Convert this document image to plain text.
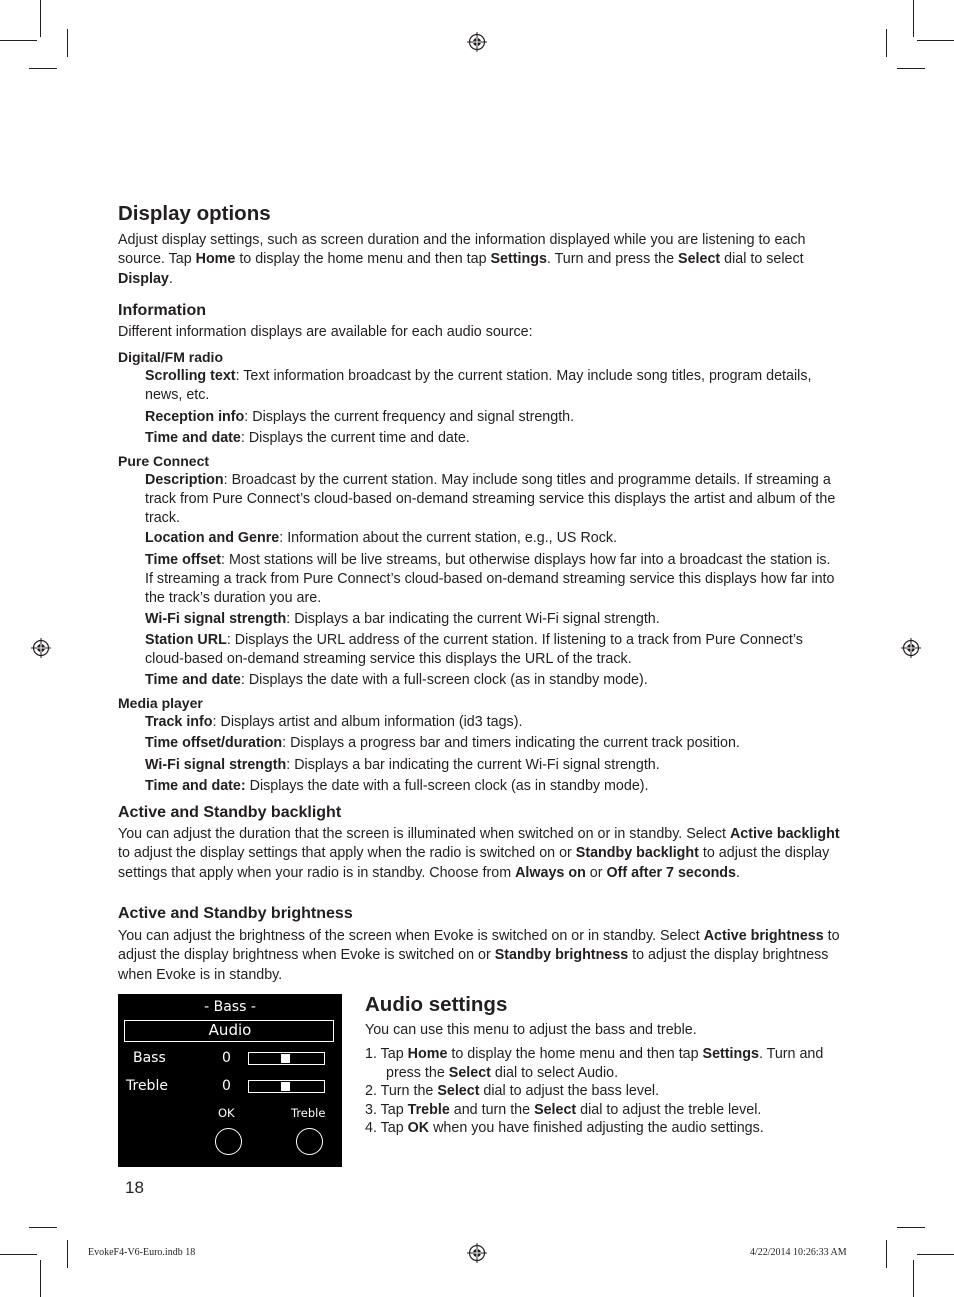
Display options

Adjust display settings, such as screen duration and the information displayed while you are listening to each source. Tap Home to display the home menu and then tap Settings. Turn and press the Select dial to select Display.

Information

Different information displays are available for each audio source:

Digital/FM radio

Scrolling text: Text information broadcast by the current station. May include song titles, program details, news, etc.

Reception info: Displays the current frequency and signal strength.

Time and date: Displays the current time and date.

Pure Connect

Description: Broadcast by the current station. May include song titles and programme details. If streaming a track from Pure Connect’s cloud-based on-demand streaming service this displays the artist and album of the track.

Location and Genre: Information about the current station, e.g., US Rock.

Time offset: Most stations will be live streams, but otherwise displays how far into a broadcast the station is. If streaming a track from Pure Connect’s cloud-based on-demand streaming service this displays how far into the track’s duration you are.

Wi-Fi signal strength: Displays a bar indicating the current Wi-Fi signal strength.

Station URL: Displays the URL address of the current station. If listening to a track from Pure Connect’s cloud-based on-demand streaming service this displays the URL of the track.

Time and date: Displays the date with a full-screen clock (as in standby mode).

Media player

Track info: Displays artist and album information (id3 tags).

Time offset/duration: Displays a progress bar and timers indicating the current track position.

Wi-Fi signal strength: Displays a bar indicating the current Wi-Fi signal strength.

Time and date: Displays the date with a full-screen clock (as in standby mode).

Active and Standby backlight

You can adjust the duration that the screen is illuminated when switched on or in standby. Select Active backlight to adjust the display settings that apply when the radio is switched on or Standby backlight to adjust the display settings that apply when your radio is in standby. Choose from Always on or Off after 7 seconds.

Active and Standby brightness

You can adjust the brightness of the screen when Evoke is switched on or in standby. Select Active brightness to adjust the display brightness when Evoke is switched on or Standby brightness to adjust the display brightness when Evoke is in standby.

- Bass -
Audio
Bass	0
Treble	0
OK	Treble
Audio settings

You can use this menu to adjust the bass and treble.

1. Tap Home to display the home menu and then tap Settings. Turn and press the Select dial to select Audio.

2. Turn the Select dial to adjust the bass level.

3. Tap Treble and turn the Select dial to adjust the treble level.

4. Tap OK when you have finished adjusting the audio settings.

18
EvokeF4-V6-Euro.indb 18	4/22/2014 10:26:33 AM
